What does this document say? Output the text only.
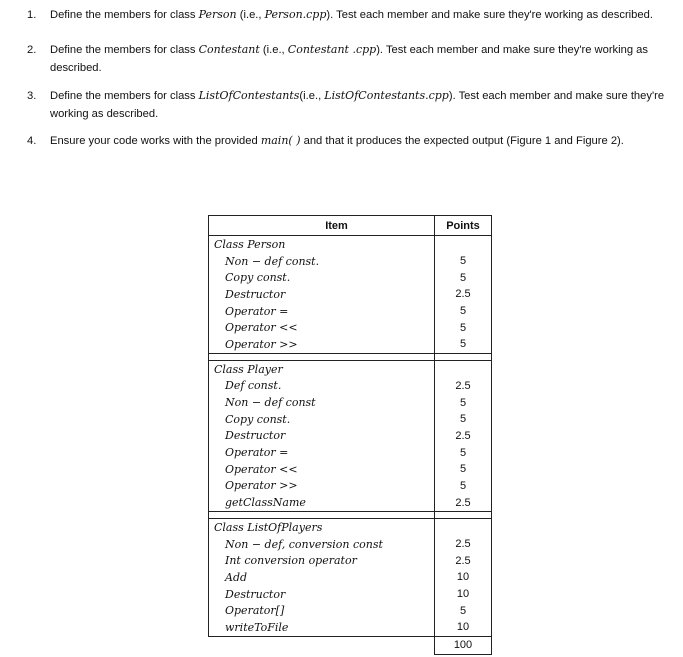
1.	Define the members for class Person (i.e., Person.cpp). Test each member and make sure they're working as described.
2.	Define the members for class Contestant (i.e., Contestant .cpp). Test each member and make sure they're working as described.
3.	Define the members for class ListOfContestants(i.e., ListOfContestants.cpp). Test each member and make sure they're working as described.
4.	Ensure your code works with the provided main( ) and that it produces the expected output (Figure 1 and Figure 2).
Item	Points
Class Person	
Non − def const.	5
Copy const.	5
Destructor	2.5
Operator =	5
Operator <<	5
Operator >>	5

Class Player	
Def const.	2.5
Non − def const	5
Copy const.	5
Destructor	2.5
Operator =	5
Operator <<	5
Operator >>	5
getClassName	2.5

Class ListOfPlayers	
Non − def, conversion const	2.5
Int conversion operator	2.5
Add	10
Destructor	10
Operator[]	5
writeToFile	10
	100
